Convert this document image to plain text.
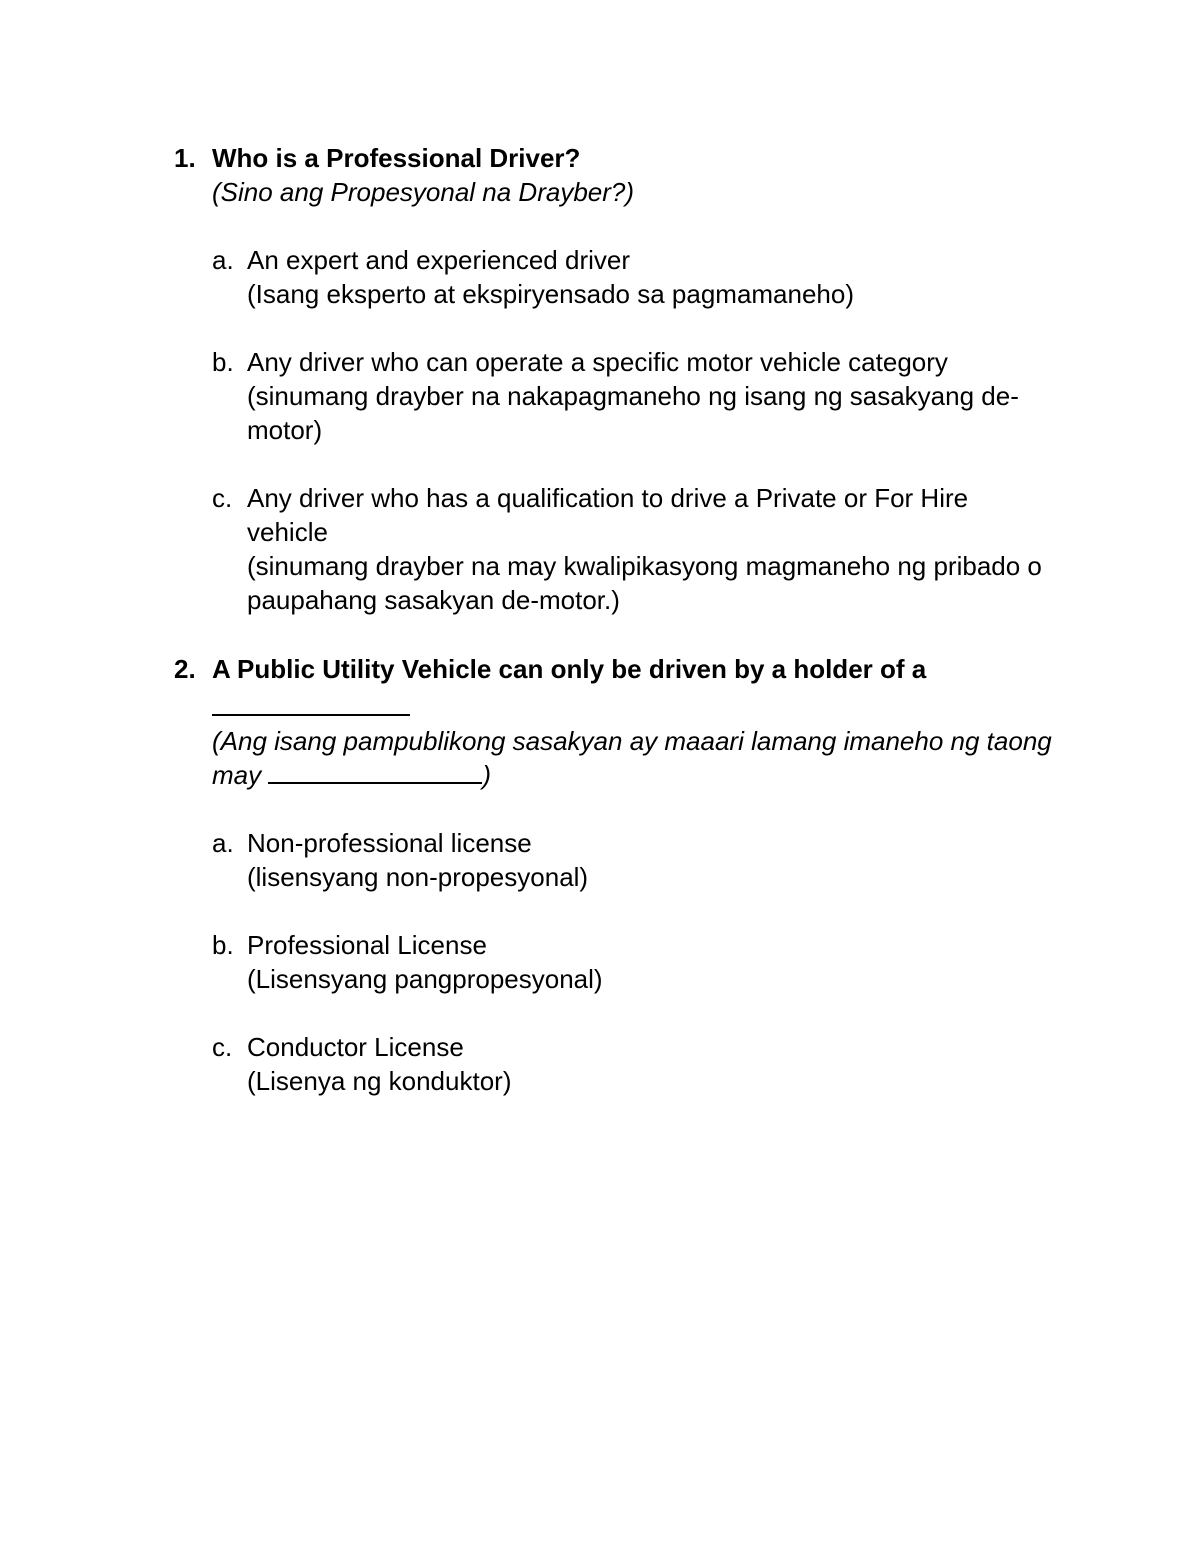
1. Who is a Professional Driver?
(Sino ang Propesyonal na Drayber?)
a. An expert and experienced driver
(Isang eksperto at ekspiryensado sa pagmamaneho)
b. Any driver who can operate a specific motor vehicle category
(sinumang drayber na nakapagmaneho ng isang ng sasakyang de-motor)
c. Any driver who has a qualification to drive a Private or For Hire vehicle
(sinumang drayber na may kwalipikasyong magmaneho ng pribado o paupahang sasakyan de-motor.)
2. A Public Utility Vehicle can only be driven by a holder of a
(Ang isang pampublikong sasakyan ay maaari lamang imaneho ng taong may	)
a. Non-professional license
(lisensyang non-propesyonal)
b. Professional License
(Lisensyang pangpropesyonal)
c. Conductor License
(Lisenya ng konduktor)
